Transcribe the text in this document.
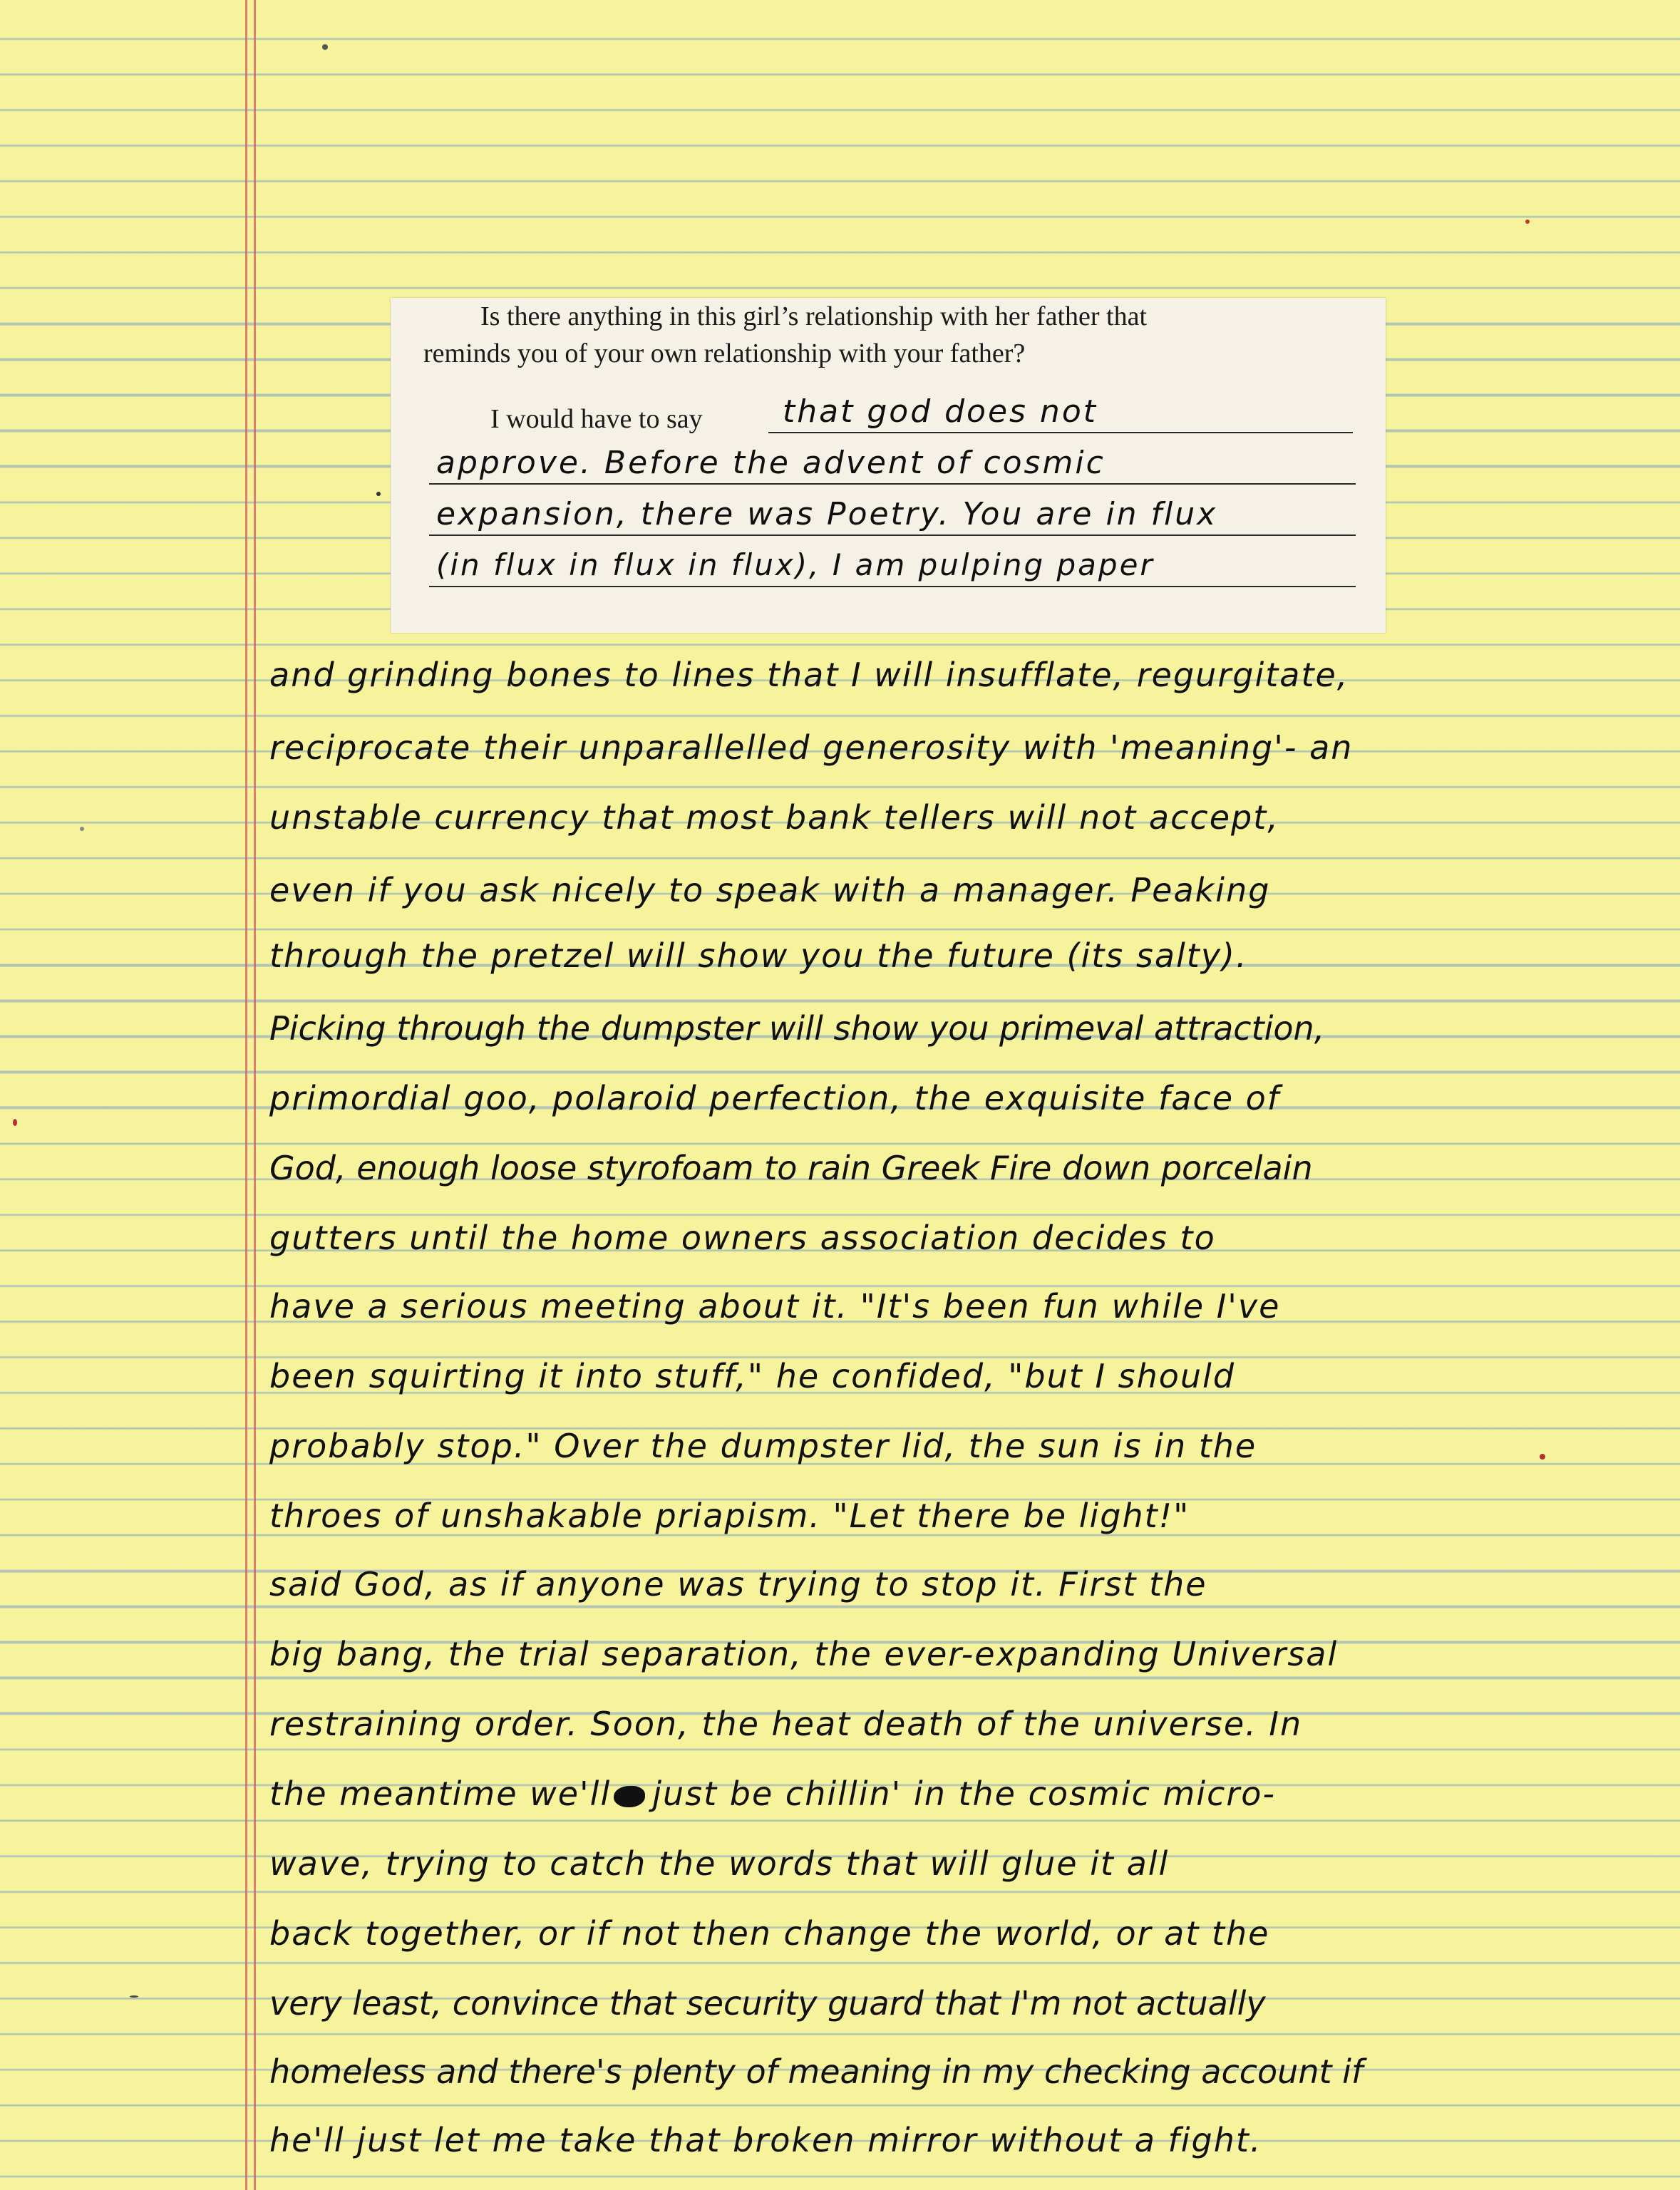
Is there anything in this girl’s relationship with her father that
reminds you of your own relationship with your father?

I would have to say	that god does not
approve. Before the advent of cosmic
expansion, there was Poetry. You are in flux
(in flux in flux in flux), I am pulping paper
and grinding bones to lines that I will insufflate, regurgitate,
reciprocate their unparallelled generosity with 'meaning'- an
unstable currency that most bank tellers will not accept,
even if you ask nicely to speak with a manager. Peaking
through the pretzel will show you the future (its salty).
Picking through the dumpster will show you primeval attraction,
primordial goo, polaroid perfection, the exquisite face of
God, enough loose styrofoam to rain Greek Fire down porcelain
gutters until the home owners association decides to
have a serious meeting about it. "It's been fun while I've
been squirting it into stuff," he confided, "but I should
probably stop." Over the dumpster lid, the sun is in the
throes of unshakable priapism. "Let there be light!"
said God, as if anyone was trying to stop it. First the
big bang, the trial separation, the ever-expanding Universal
restraining order. Soon, the heat death of the universe. In
the meantime we'll just be chillin' in the cosmic micro-
wave, trying to catch the words that will glue it all
back together, or if not then change the world, or at the
very least, convince that security guard that I'm not actually
homeless and there's plenty of meaning in my checking account if
he'll just let me take that broken mirror without a fight.
